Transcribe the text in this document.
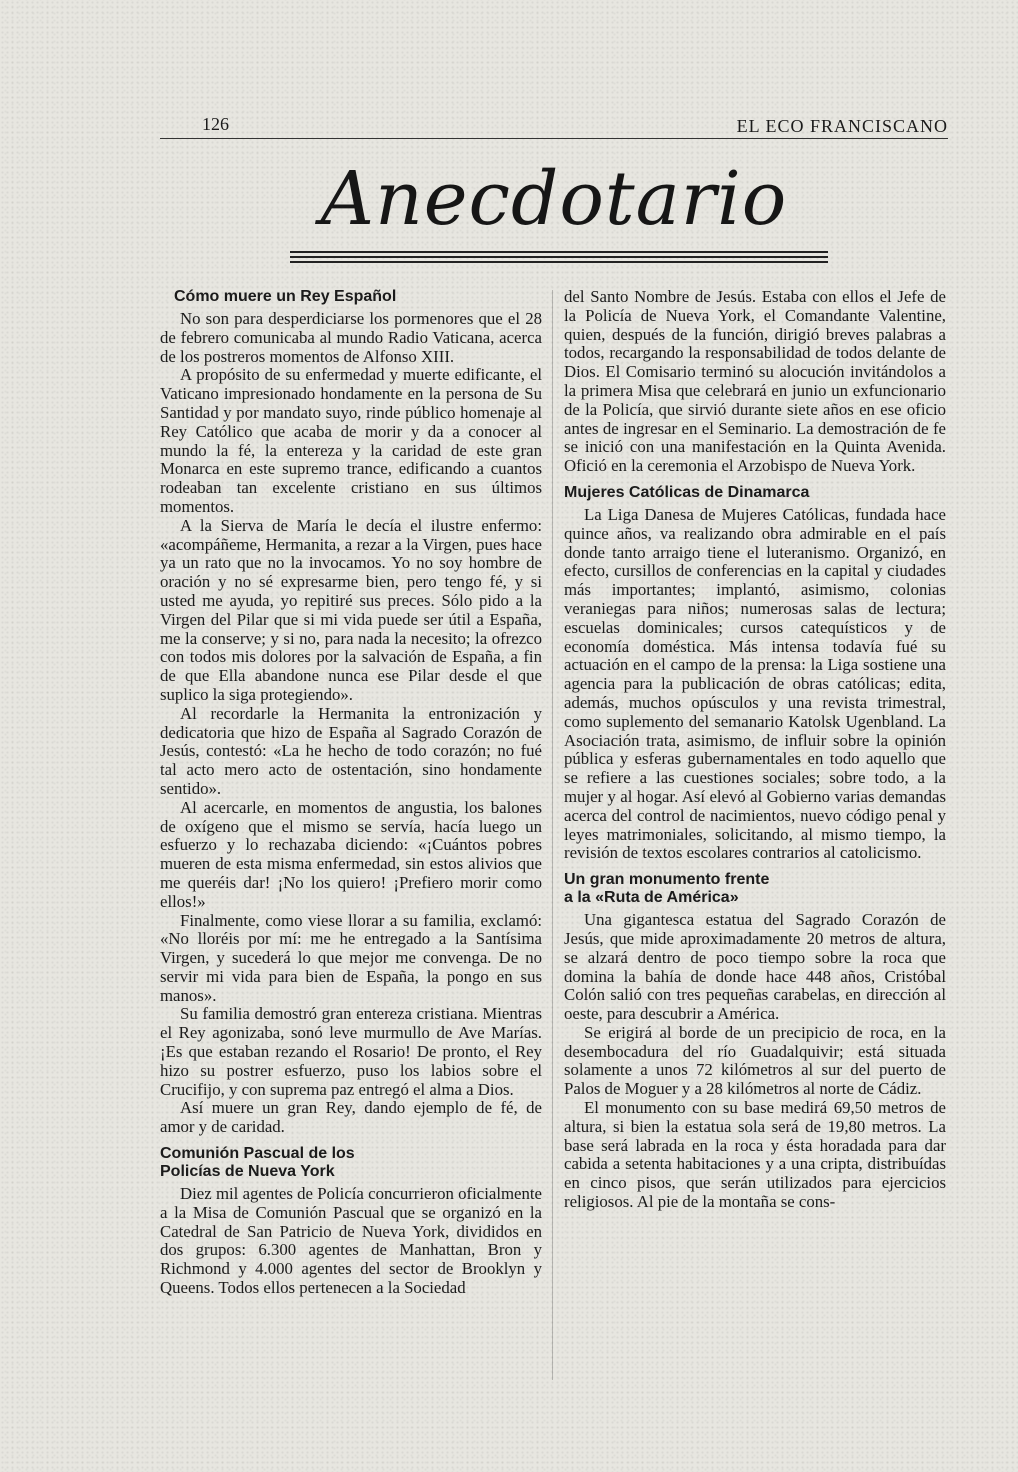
126	EL ECO FRANCISCANO
Anecdotario
Cómo muere un Rey Español

No son para desperdiciarse los pormenores que el 28 de febrero comunicaba al mundo Radio Vaticana, acerca de los postreros momentos de Alfonso XIII.

A propósito de su enfermedad y muerte edificante, el Vaticano impresionado hondamente en la persona de Su Santidad y por mandato suyo, rinde público homenaje al Rey Católico que acaba de morir y da a conocer al mundo la fé, la entereza y la caridad de este gran Monarca en este supremo trance, edificando a cuantos rodeaban tan excelente cristiano en sus últimos momentos.

A la Sierva de María le decía el ilustre enfermo: «acompáñeme, Hermanita, a rezar a la Virgen, pues hace ya un rato que no la invocamos. Yo no soy hombre de oración y no sé expresarme bien, pero tengo fé, y si usted me ayuda, yo repitiré sus preces. Sólo pido a la Virgen del Pilar que si mi vida puede ser útil a España, me la conserve; y si no, para nada la necesito; la ofrezco con todos mis dolores por la salvación de España, a fin de que Ella abandone nunca ese Pilar desde el que suplico la siga protegiendo».

Al recordarle la Hermanita la entronización y dedicatoria que hizo de España al Sagrado Corazón de Jesús, contestó: «La he hecho de todo corazón; no fué tal acto mero acto de ostentación, sino hondamente sentido».

Al acercarle, en momentos de angustia, los balones de oxígeno que el mismo se servía, hacía luego un esfuerzo y lo rechazaba diciendo: «¡Cuántos pobres mueren de esta misma enfermedad, sin estos alivios que me queréis dar! ¡No los quiero! ¡Prefiero morir como ellos!»

Finalmente, como viese llorar a su familia, exclamó: «No lloréis por mí: me he entregado a la Santísima Virgen, y sucederá lo que mejor me convenga. De no servir mi vida para bien de España, la pongo en sus manos».

Su familia demostró gran entereza cristiana. Mientras el Rey agonizaba, sonó leve murmullo de Ave Marías. ¡Es que estaban rezando el Rosario! De pronto, el Rey hizo su postrer esfuerzo, puso los labios sobre el Crucifijo, y con suprema paz entregó el alma a Dios.

Así muere un gran Rey, dando ejemplo de fé, de amor y de caridad.

Comunión Pascual de los
Policías de Nueva York

Diez mil agentes de Policía concurrieron oficialmente a la Misa de Comunión Pascual que se organizó en la Catedral de San Patricio de Nueva York, divididos en dos grupos: 6.300 agentes de Manhattan, Bron y Richmond y 4.000 agentes del sector de Brooklyn y Queens. Todos ellos pertenecen a la Sociedad

del Santo Nombre de Jesús. Estaba con ellos el Jefe de la Policía de Nueva York, el Comandante Valentine, quien, después de la función, dirigió breves palabras a todos, recargando la responsabilidad de todos delante de Dios. El Comisario terminó su alocución invitándolos a la primera Misa que celebrará en junio un exfuncionario de la Policía, que sirvió durante siete años en ese oficio antes de ingresar en el Seminario. La demostración de fe se inició con una manifestación en la Quinta Avenida. Ofició en la ceremonia el Arzobispo de Nueva York.

Mujeres Católicas de Dinamarca

La Liga Danesa de Mujeres Católicas, fundada hace quince años, va realizando obra admirable en el país donde tanto arraigo tiene el luteranismo. Organizó, en efecto, cursillos de conferencias en la capital y ciudades más importantes; implantó, asimismo, colonias veraniegas para niños; numerosas salas de lectura; escuelas dominicales; cursos catequísticos y de economía doméstica. Más intensa todavía fué su actuación en el campo de la prensa: la Liga sostiene una agencia para la publicación de obras católicas; edita, además, muchos opúsculos y una revista trimestral, como suplemento del semanario Katolsk Ugenbland. La Asociación trata, asimismo, de influir sobre la opinión pública y esferas gubernamentales en todo aquello que se refiere a las cuestiones sociales; sobre todo, a la mujer y al hogar. Así elevó al Gobierno varias demandas acerca del control de nacimientos, nuevo código penal y leyes matrimoniales, solicitando, al mismo tiempo, la revisión de textos escolares contrarios al catolicismo.

Un gran monumento frente
a la «Ruta de América»

Una gigantesca estatua del Sagrado Corazón de Jesús, que mide aproximadamente 20 metros de altura, se alzará dentro de poco tiempo sobre la roca que domina la bahía de donde hace 448 años, Cristóbal Colón salió con tres pequeñas carabelas, en dirección al oeste, para descubrir a América.

Se erigirá al borde de un precipicio de roca, en la desembocadura del río Guadalquivir; está situada solamente a unos 72 kilómetros al sur del puerto de Palos de Moguer y a 28 kilómetros al norte de Cádiz.

El monumento con su base medirá 69,50 metros de altura, si bien la estatua sola será de 19,80 metros. La base será labrada en la roca y ésta horadada para dar cabida a setenta habitaciones y a una cripta, distribuídas en cinco pisos, que serán utilizados para ejercicios religiosos. Al pie de la montaña se cons-
